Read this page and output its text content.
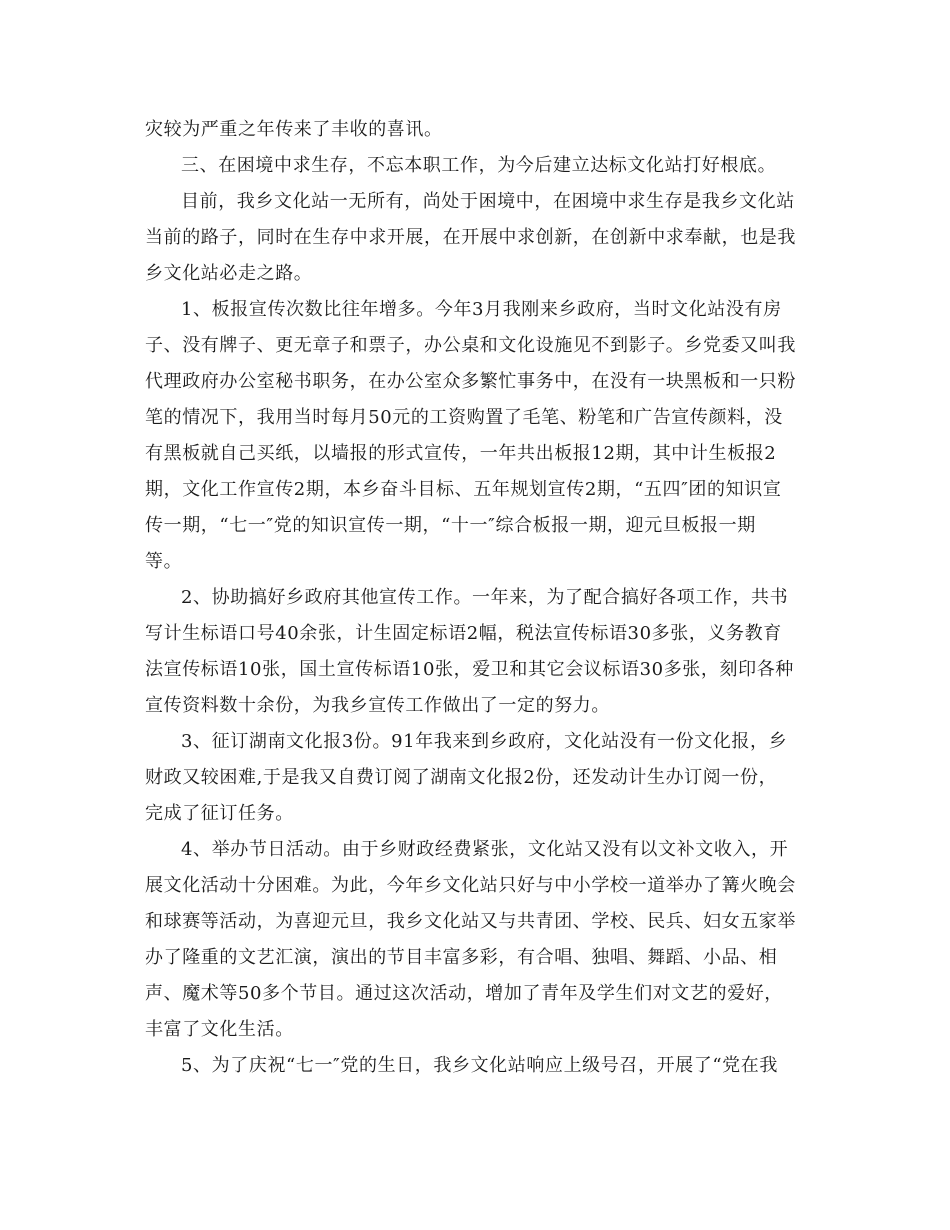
灾较为严重之年传来了丰收的喜讯。
三、在困境中求生存，不忘本职工作，为今后建立达标文化站打好根底。
目前，我乡文化站一无所有，尚处于困境中，在困境中求生存是我乡文化站
当前的路子，同时在生存中求开展，在开展中求创新，在创新中求奉献，也是我
乡文化站必走之路。
1、板报宣传次数比往年增多。今年3月我刚来乡政府，当时文化站没有房
子、没有牌子、更无章子和票子，办公桌和文化设施见不到影子。乡党委又叫我
代理政府办公室秘书职务，在办公室众多繁忙事务中，在没有一块黑板和一只粉
笔的情况下，我用当时每月50元的工资购置了毛笔、粉笔和广告宣传颜料，没
有黑板就自己买纸，以墙报的形式宣传，一年共出板报12期，其中计生板报2
期，文化工作宣传2期，本乡奋斗目标、五年规划宣传2期，“五四″团的知识宣
传一期，“七一″党的知识宣传一期，“十一″综合板报一期，迎元旦板报一期
等。
2、协助搞好乡政府其他宣传工作。一年来，为了配合搞好各项工作，共书
写计生标语口号40余张，计生固定标语2幅，税法宣传标语30多张，义务教育
法宣传标语10张，国土宣传标语10张，爱卫和其它会议标语30多张，刻印各种
宣传资料数十余份，为我乡宣传工作做出了一定的努力。
3、征订湖南文化报3份。91年我来到乡政府，文化站没有一份文化报，乡
财政又较困难,于是我又自费订阅了湖南文化报2份，还发动计生办订阅一份，
完成了征订任务。
4、举办节日活动。由于乡财政经费紧张，文化站又没有以文补文收入，开
展文化活动十分困难。为此，今年乡文化站只好与中小学校一道举办了篝火晚会
和球赛等活动，为喜迎元旦，我乡文化站又与共青团、学校、民兵、妇女五家举
办了隆重的文艺汇演，演出的节目丰富多彩，有合唱、独唱、舞蹈、小品、相
声、魔术等50多个节目。通过这次活动，增加了青年及学生们对文艺的爱好，
丰富了文化生活。
5、为了庆祝“七一″党的生日，我乡文化站响应上级号召，开展了“党在我
